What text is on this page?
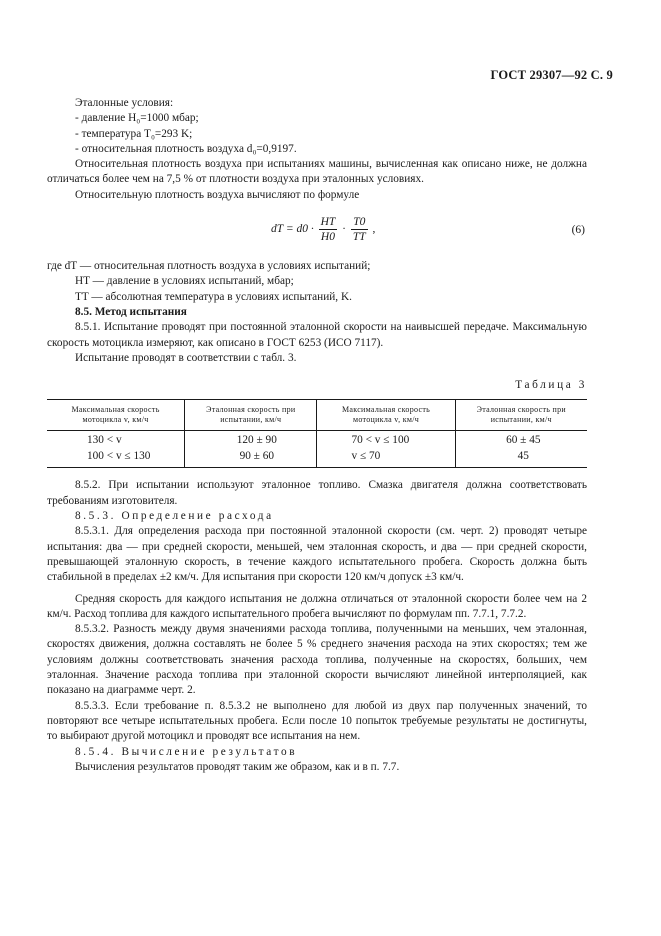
ГОСТ 29307—92 С. 9

Эталонные условия:

- давление H₀=1000 мбар;

- температура T₀=293 K;

- относительная плотность воздуха d₀=0,9197.

Относительная плотность воздуха при испытаниях машины, вычисленная как описано ниже, не должна отличаться более чем на 7,5 % от плотности воздуха при эталонных условиях.

Относительную плотность воздуха вычисляют по формуле

dT = $d0 \cdot \frac{HT}{H0} \cdot \frac{T0}{TT}$ ,	(6)

где dT — относительная плотность воздуха в условиях испытаний;

HT — давление в условиях испытаний, мбар;

TT — абсолютная температура в условиях испытаний, K.

8.5. Метод испытания

8.5.1. Испытание проводят при постоянной эталонной скорости на наивысшей передаче. Максимальную скорость мотоцикла измеряют, как описано в ГОСТ 6253 (ИСО 7117).

Испытание проводят в соответствии с табл. 3.

Таблица 3
Максимальная скорость мотоцикла v, км/ч	Эталонная скорость при испытании, км/ч	Максимальная скорость мотоцикла v, км/ч	Эталонная скорость при испытании, км/ч
130 < v	120 ± 90	70 < v ≤ 100	60 ± 45
100 < v ≤ 130	90 ± 60	v ≤ 70	45

8.5.2. При испытании используют эталонное топливо. Смазка двигателя должна соответствовать требованиям изготовителя.

8.5.3. Определение расхода

8.5.3.1. Для определения расхода при постоянной эталонной скорости (см. черт. 2) проводят четыре испытания: два — при средней скорости, меньшей, чем эталонная скорость, и два — при средней скорости, превышающей эталонную скорость, в течение каждого испытательного пробега. Скорость должна быть стабильной в пределах ±2 км/ч. Для испытания при скорости 120 км/ч допуск ±3 км/ч.

Средняя скорость для каждого испытания не должна отличаться от эталонной скорости более чем на 2 км/ч. Расход топлива для каждого испытательного пробега вычисляют по формулам пп. 7.7.1, 7.7.2.

8.5.3.2. Разность между двумя значениями расхода топлива, полученными на меньших, чем эталонная, скоростях движения, должна составлять не более 5 % среднего значения расхода на этих скоростях; тем же условиям должны соответствовать значения расхода топлива, полученные на скоростях, больших, чем эталонная. Значение расхода топлива при эталонной скорости вычисляют линейной интерполяцией, как показано на диаграмме черт. 2.

8.5.3.3. Если требование п. 8.5.3.2 не выполнено для любой из двух пар полученных значений, то повторяют все четыре испытательных пробега. Если после 10 попыток требуемые результаты не достигнуты, то выбирают другой мотоцикл и проводят все испытания на нем.

8.5.4. Вычисление результатов

Вычисления результатов проводят таким же образом, как и в п. 7.7.
